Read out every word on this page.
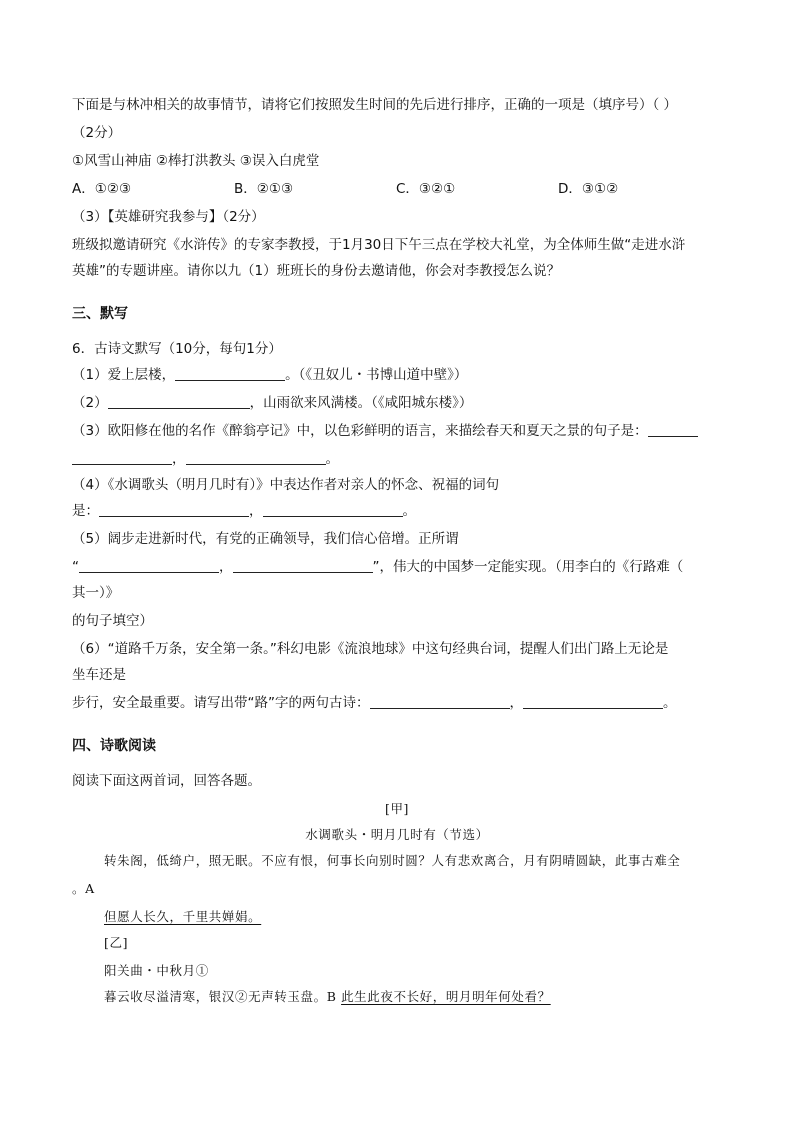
下面是与林冲相关的故事情节，请将它们按照发生时间的先后进行排序，正确的一项是（填序号）（ ）
（2分）
①风雪山神庙 ②棒打洪教头 ③误入白虎堂
A．①②③	B．②①③	C．③②①	D．③①②
（3）【英雄研究我参与】（2分）
班级拟邀请研究《水浒传》的专家李教授，于1月30日下午三点在学校大礼堂，为全体师生做“走进水浒
英雄”的专题讲座。请你以九（1）班班长的身份去邀请他，你会对李教授怎么说？
三、默写
6．古诗文默写（10分，每句1分）
（1）爱上层楼，	。（《丑奴儿・书博山道中壁》）
（2）	，山雨欲来风满楼。（《咸阳城东楼》）
（3）欧阳修在他的名作《醉翁亭记》中，以色彩鲜明的语言，来描绘春天和夏天之景的句子是：
，	。
（4）《水调歌头（明月几时有）》中表达作者对亲人的怀念、祝福的词句
是：	，	。
（5）阔步走进新时代，有党的正确领导，我们信心倍增。正所谓
“	，	”，伟大的中国梦一定能实现。（用李白的《行路难（
其一）》
的句子填空）
（6）“道路千万条，安全第一条。”科幻电影《流浪地球》中这句经典台词，提醒人们出门路上无论是
坐车还是
步行，安全最重要。请写出带“路”字的两句古诗：	，	。
四、诗歌阅读
阅读下面这两首词，回答各题。
[甲]
水调歌头・明月几时有（节选）
转朱阁，低绮户，照无眠。不应有恨，何事长向别时圆？人有悲欢离合，月有阴晴圆缺，此事古难全
。A
但愿人长久，千里共婵娟。
[乙]
阳关曲・中秋月①
暮云收尽溢清寒，银汉②无声转玉盘。B 此生此夜不长好，明月明年何处看？
